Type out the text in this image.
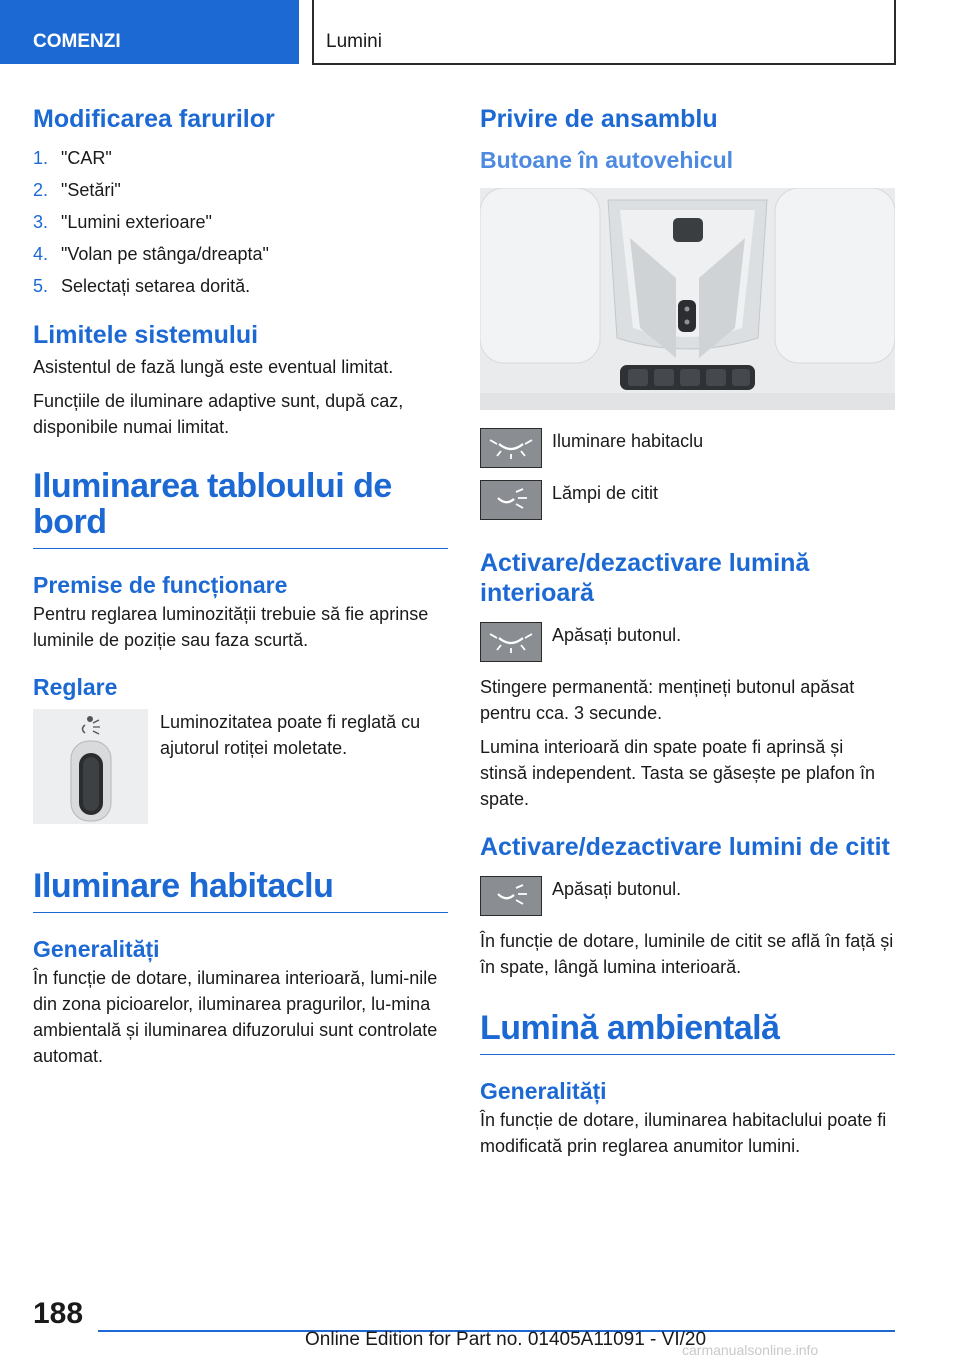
COMENZI	Lumini
Modificarea farurilor
1. "CAR"
2. "Setări"
3. "Lumini exterioare"
4. "Volan pe stânga/dreapta"
5. Selectați setarea dorită.
Limitele sistemului

Asistentul de fază lungă este eventual limitat.

Funcțiile de iluminare adaptive sunt, după caz, disponibile numai limitat.

Iluminarea tabloului de bord
Premise de funcționare

Pentru reglarea luminozității trebuie să fie aprinse luminile de poziție sau faza scurtă.

Reglare
Luminozitatea poate fi reglată cu ajutorul rotiței moletate.
Iluminare habitaclu
Generalități

În funcție de dotare, iluminarea interioară, lumi-nile din zona picioarelor, iluminarea pragurilor, lu-mina ambientală și iluminarea difuzorului sunt controlate automat.

Privire de ansamblu
Butoane în autovehicul
Iluminare habitaclu
Lămpi de citit
Activare/dezactivare lumină interioară
Apăsați butonul.

Stingere permanentă: mențineți butonul apăsat pentru cca. 3 secunde.

Lumina interioară din spate poate fi aprinsă și stinsă independent. Tasta se găsește pe plafon în spate.

Activare/dezactivare lumini de citit
Apăsați butonul.

În funcție de dotare, luminile de citit se află în față și în spate, lângă lumina interioară.

Lumină ambientală
Generalități

În funcție de dotare, iluminarea habitaclului poate fi modificată prin reglarea anumitor lumini.

188
Online Edition for Part no. 01405A11091 - VI/20
carmanualsonline.info
